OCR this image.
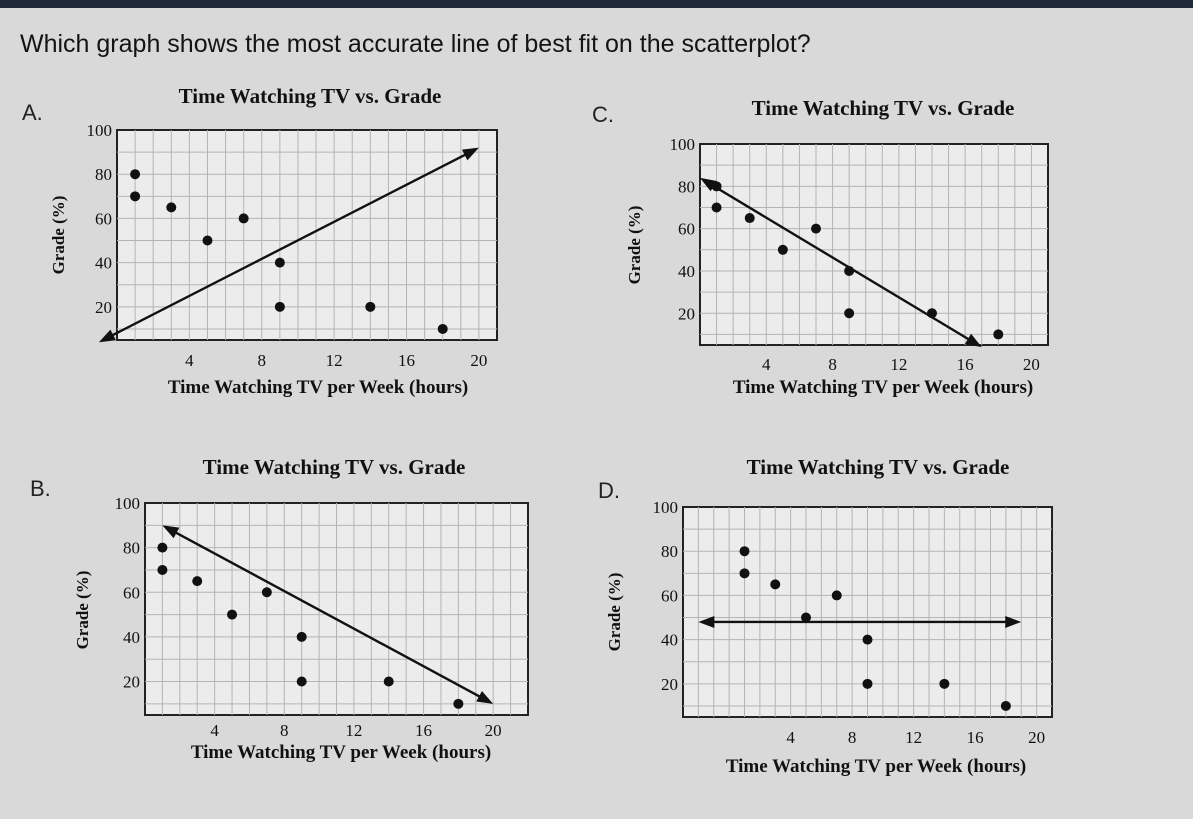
Which graph shows the most accurate line of best fit on the scatterplot?
A.
B.
C.
D.
Time Watching TV vs. Grade
Time Watching TV per Week (hours)
Grade (%)
20
40
60
80
100
4	8	12	16	20
Time Watching TV vs. Grade
Time Watching TV per Week (hours)
Grade (%)
20
40
60
80
100
4	8	12	16	20
Time Watching TV vs. Grade
Time Watching TV per Week (hours)
Grade (%)
20
40
60
80
100
4	8	12	16	20
Time Watching TV vs. Grade
Time Watching TV per Week (hours)
Grade (%)
20
40
60
80
100
4	8	12	16	20
